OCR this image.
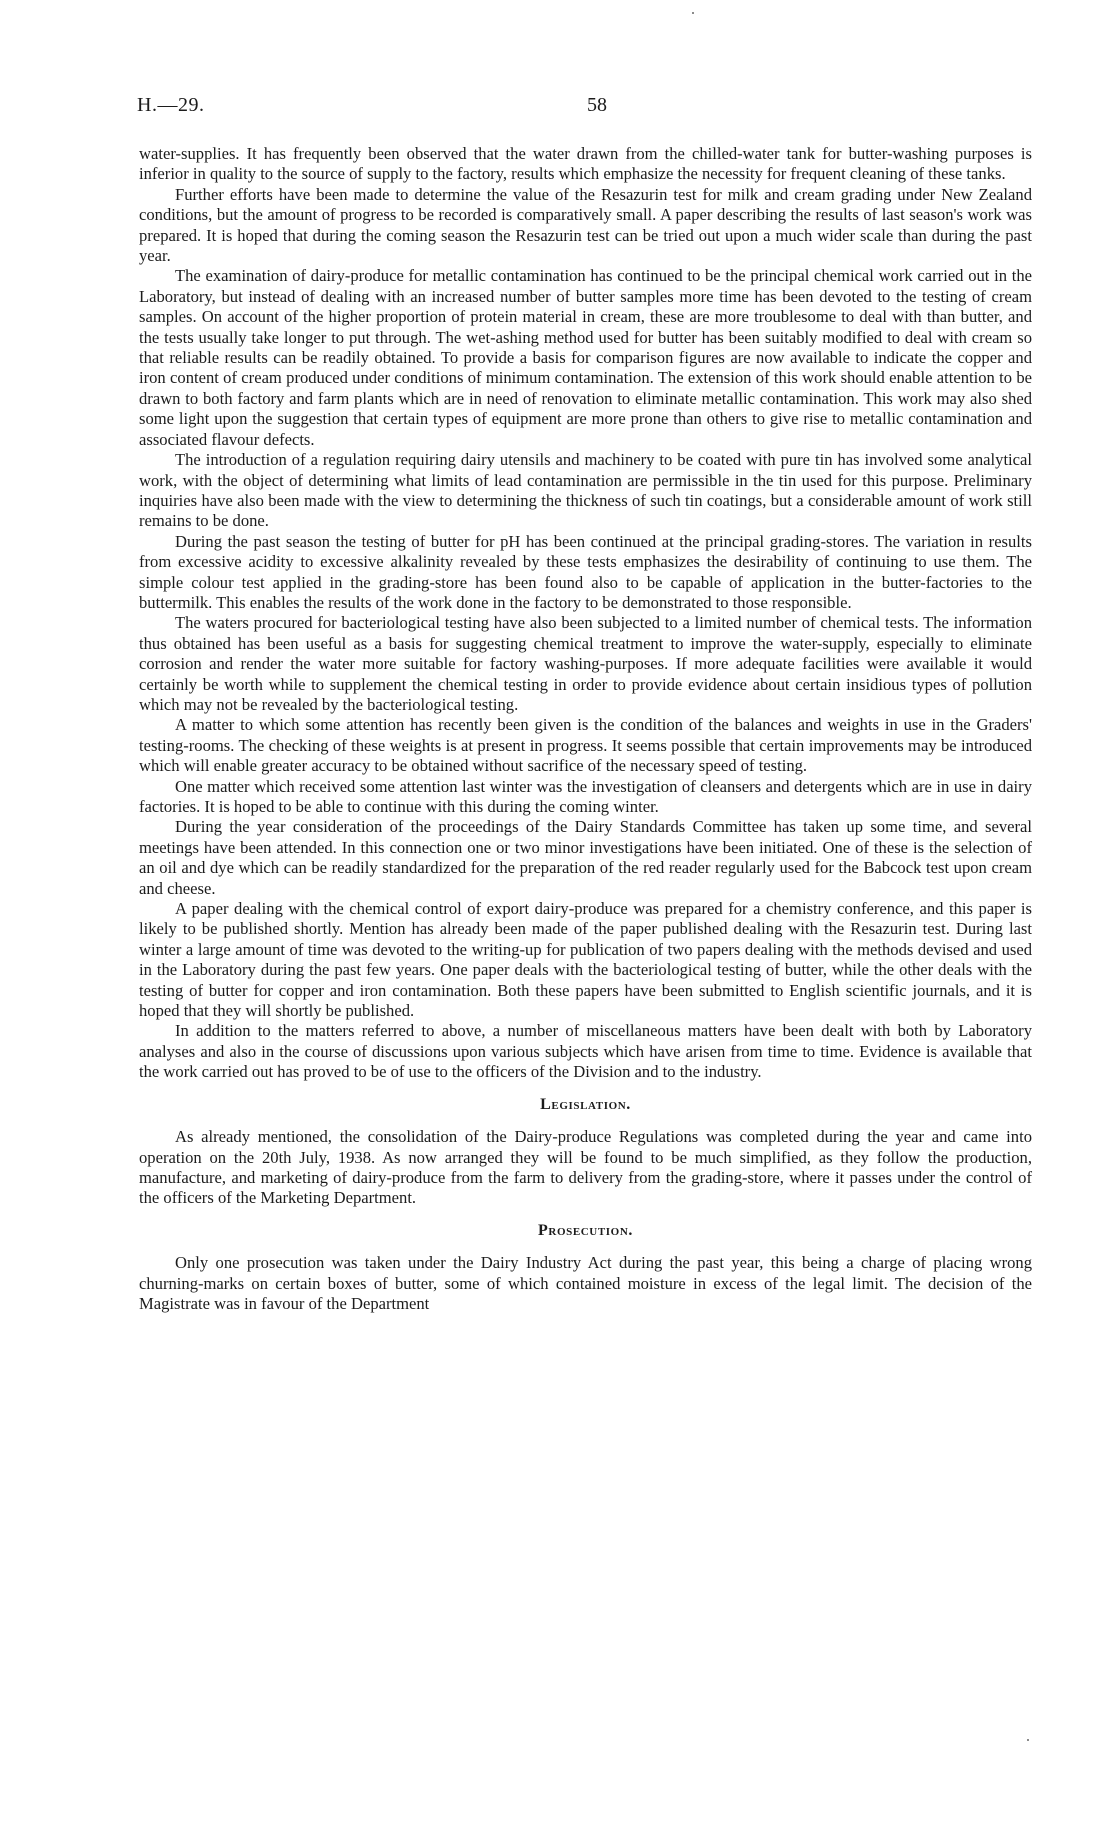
H.—29.	58

water-supplies. It has frequently been observed that the water drawn from the chilled-water tank for butter-washing purposes is inferior in quality to the source of supply to the factory, results which emphasize the necessity for frequent cleaning of these tanks.

Further efforts have been made to determine the value of the Resazurin test for milk and cream grading under New Zealand conditions, but the amount of progress to be recorded is comparatively small. A paper describing the results of last season's work was prepared. It is hoped that during the coming season the Resazurin test can be tried out upon a much wider scale than during the past year.

The examination of dairy-produce for metallic contamination has continued to be the principal chemical work carried out in the Laboratory, but instead of dealing with an increased number of butter samples more time has been devoted to the testing of cream samples. On account of the higher proportion of protein material in cream, these are more troublesome to deal with than butter, and the tests usually take longer to put through. The wet-ashing method used for butter has been suitably modified to deal with cream so that reliable results can be readily obtained. To provide a basis for comparison figures are now available to indicate the copper and iron content of cream produced under conditions of minimum contamination. The extension of this work should enable attention to be drawn to both factory and farm plants which are in need of renovation to eliminate metallic contamination. This work may also shed some light upon the suggestion that certain types of equipment are more prone than others to give rise to metallic contamination and associated flavour defects.

The introduction of a regulation requiring dairy utensils and machinery to be coated with pure tin has involved some analytical work, with the object of determining what limits of lead contamination are permissible in the tin used for this purpose. Preliminary inquiries have also been made with the view to determining the thickness of such tin coatings, but a considerable amount of work still remains to be done.

During the past season the testing of butter for pH has been continued at the principal grading-stores. The variation in results from excessive acidity to excessive alkalinity revealed by these tests emphasizes the desirability of continuing to use them. The simple colour test applied in the grading-store has been found also to be capable of application in the butter-factories to the buttermilk. This enables the results of the work done in the factory to be demonstrated to those responsible.

The waters procured for bacteriological testing have also been subjected to a limited number of chemical tests. The information thus obtained has been useful as a basis for suggesting chemical treatment to improve the water-supply, especially to eliminate corrosion and render the water more suitable for factory washing-purposes. If more adequate facilities were available it would certainly be worth while to supplement the chemical testing in order to provide evidence about certain insidious types of pollution which may not be revealed by the bacteriological testing.

A matter to which some attention has recently been given is the condition of the balances and weights in use in the Graders' testing-rooms. The checking of these weights is at present in progress. It seems possible that certain improvements may be introduced which will enable greater accuracy to be obtained without sacrifice of the necessary speed of testing.

One matter which received some attention last winter was the investigation of cleansers and detergents which are in use in dairy factories. It is hoped to be able to continue with this during the coming winter.

During the year consideration of the proceedings of the Dairy Standards Committee has taken up some time, and several meetings have been attended. In this connection one or two minor investigations have been initiated. One of these is the selection of an oil and dye which can be readily standardized for the preparation of the red reader regularly used for the Babcock test upon cream and cheese.

A paper dealing with the chemical control of export dairy-produce was prepared for a chemistry conference, and this paper is likely to be published shortly. Mention has already been made of the paper published dealing with the Resazurin test. During last winter a large amount of time was devoted to the writing-up for publication of two papers dealing with the methods devised and used in the Laboratory during the past few years. One paper deals with the bacteriological testing of butter, while the other deals with the testing of butter for copper and iron contamination. Both these papers have been submitted to English scientific journals, and it is hoped that they will shortly be published.

In addition to the matters referred to above, a number of miscellaneous matters have been dealt with both by Laboratory analyses and also in the course of discussions upon various subjects which have arisen from time to time. Evidence is available that the work carried out has proved to be of use to the officers of the Division and to the industry.

Legislation.

As already mentioned, the consolidation of the Dairy-produce Regulations was completed during the year and came into operation on the 20th July, 1938. As now arranged they will be found to be much simplified, as they follow the production, manufacture, and marketing of dairy-produce from the farm to delivery from the grading-store, where it passes under the control of the officers of the Marketing Department.

Prosecution.

Only one prosecution was taken under the Dairy Industry Act during the past year, this being a charge of placing wrong churning-marks on certain boxes of butter, some of which contained moisture in excess of the legal limit. The decision of the Magistrate was in favour of the Department
